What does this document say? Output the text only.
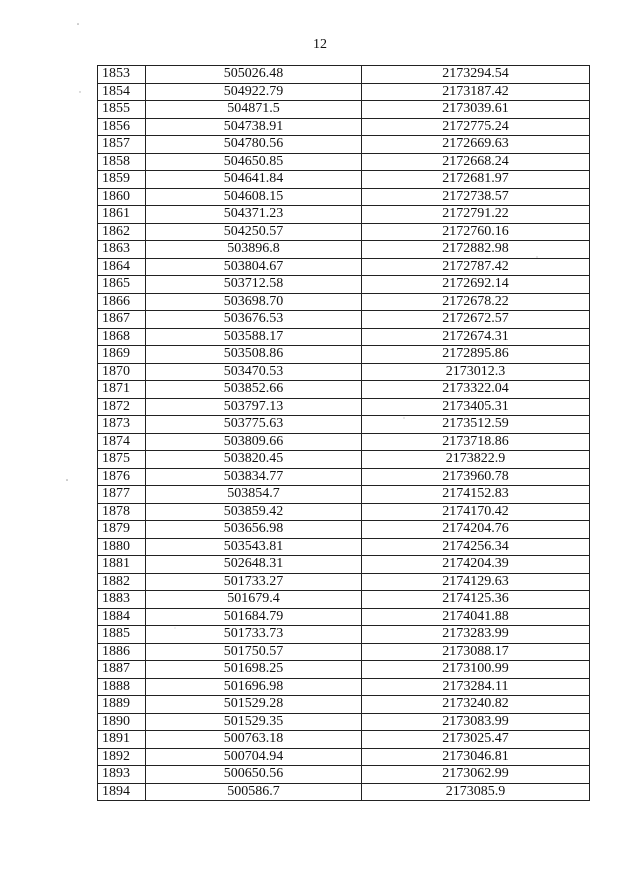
12
1853	505026.48	2173294.54
1854	504922.79	2173187.42
1855	504871.5	2173039.61
1856	504738.91	2172775.24
1857	504780.56	2172669.63
1858	504650.85	2172668.24
1859	504641.84	2172681.97
1860	504608.15	2172738.57
1861	504371.23	2172791.22
1862	504250.57	2172760.16
1863	503896.8	2172882.98
1864	503804.67	2172787.42
1865	503712.58	2172692.14
1866	503698.70	2172678.22
1867	503676.53	2172672.57
1868	503588.17	2172674.31
1869	503508.86	2172895.86
1870	503470.53	2173012.3
1871	503852.66	2173322.04
1872	503797.13	2173405.31
1873	503775.63	2173512.59
1874	503809.66	2173718.86
1875	503820.45	2173822.9
1876	503834.77	2173960.78
1877	503854.7	2174152.83
1878	503859.42	2174170.42
1879	503656.98	2174204.76
1880	503543.81	2174256.34
1881	502648.31	2174204.39
1882	501733.27	2174129.63
1883	501679.4	2174125.36
1884	501684.79	2174041.88
1885	501733.73	2173283.99
1886	501750.57	2173088.17
1887	501698.25	2173100.99
1888	501696.98	2173284.11
1889	501529.28	2173240.82
1890	501529.35	2173083.99
1891	500763.18	2173025.47
1892	500704.94	2173046.81
1893	500650.56	2173062.99
1894	500586.7	2173085.9
